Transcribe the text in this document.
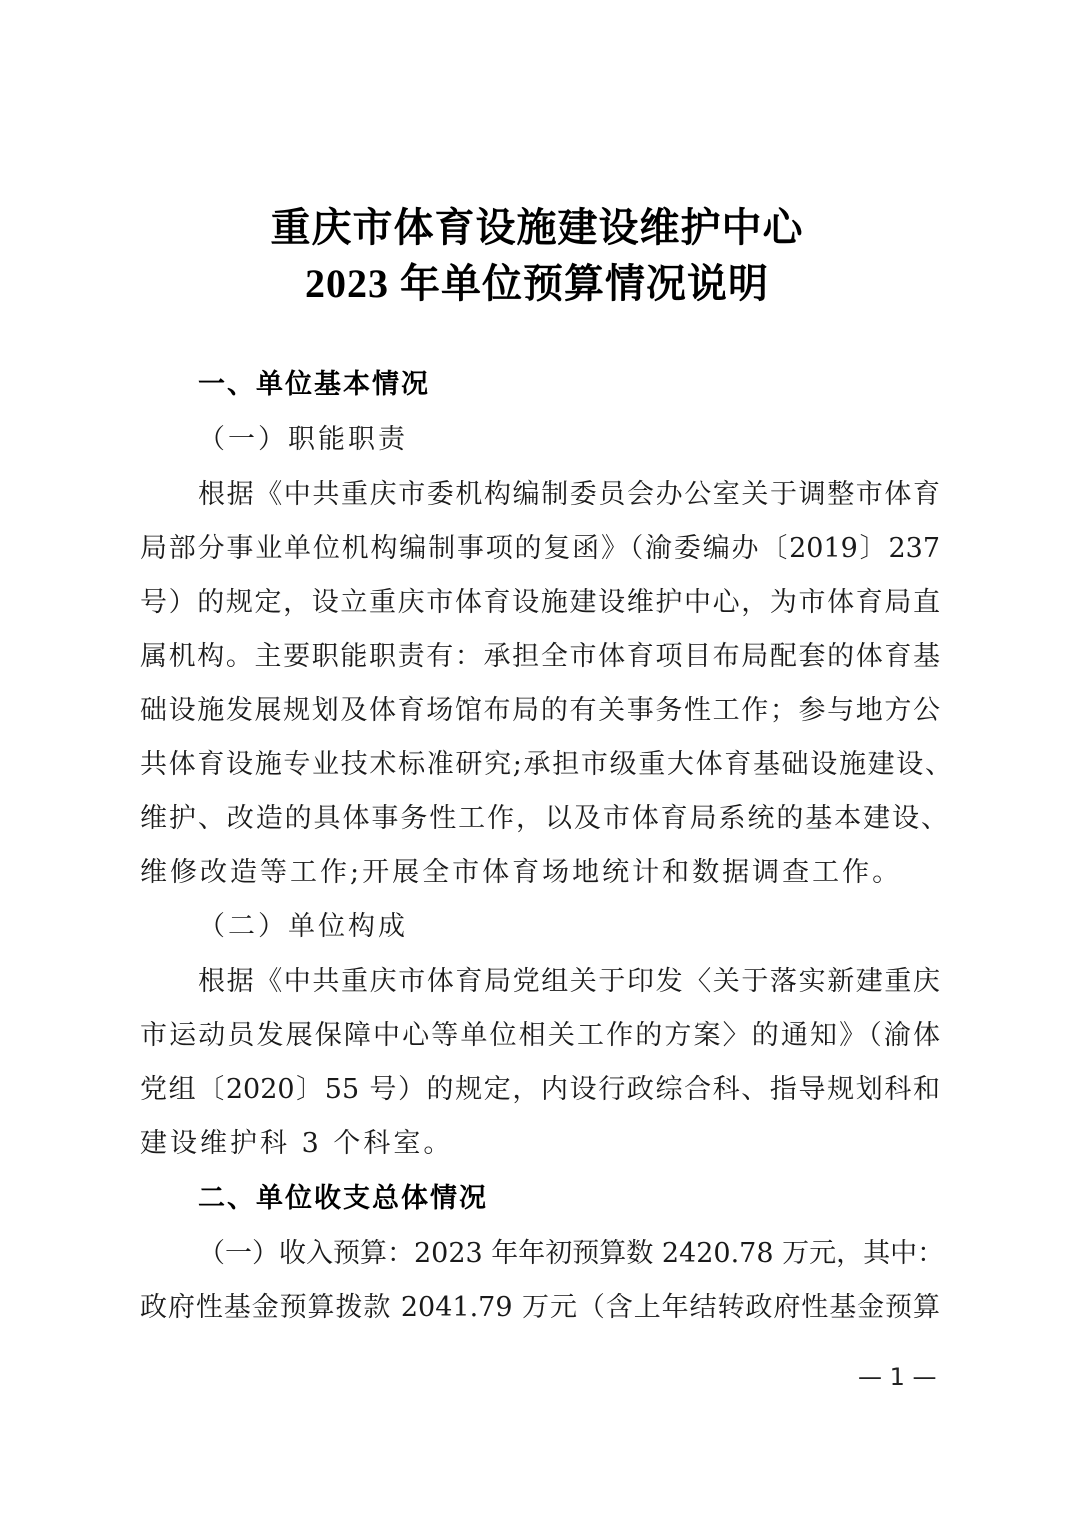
重庆市体育设施建设维护中心
2023 年单位预算情况说明
一、单位基本情况
（一）职能职责
根据《中共重庆市委机构编制委员会办公室关于调整市体育
局部分事业单位机构编制事项的复函》（渝委编办〔2019〕237
号）的规定，设立重庆市体育设施建设维护中心，为市体育局直
属机构。主要职能职责有：承担全市体育项目布局配套的体育基
础设施发展规划及体育场馆布局的有关事务性工作；参与地方公
共体育设施专业技术标准研究;承担市级重大体育基础设施建设、
维护、改造的具体事务性工作，以及市体育局系统的基本建设、
维修改造等工作;开展全市体育场地统计和数据调查工作。
（二）单位构成
根据《中共重庆市体育局党组关于印发〈关于落实新建重庆
市运动员发展保障中心等单位相关工作的方案〉的通知》（渝体
党组〔2020〕55 号）的规定，内设行政综合科、指导规划科和
建设维护科 3 个科室。
二、单位收支总体情况
（一）收入预算：2023 年年初预算数 2420.78 万元，其中：
政府性基金预算拨款 2041.79 万元（含上年结转政府性基金预算
— 1 —
